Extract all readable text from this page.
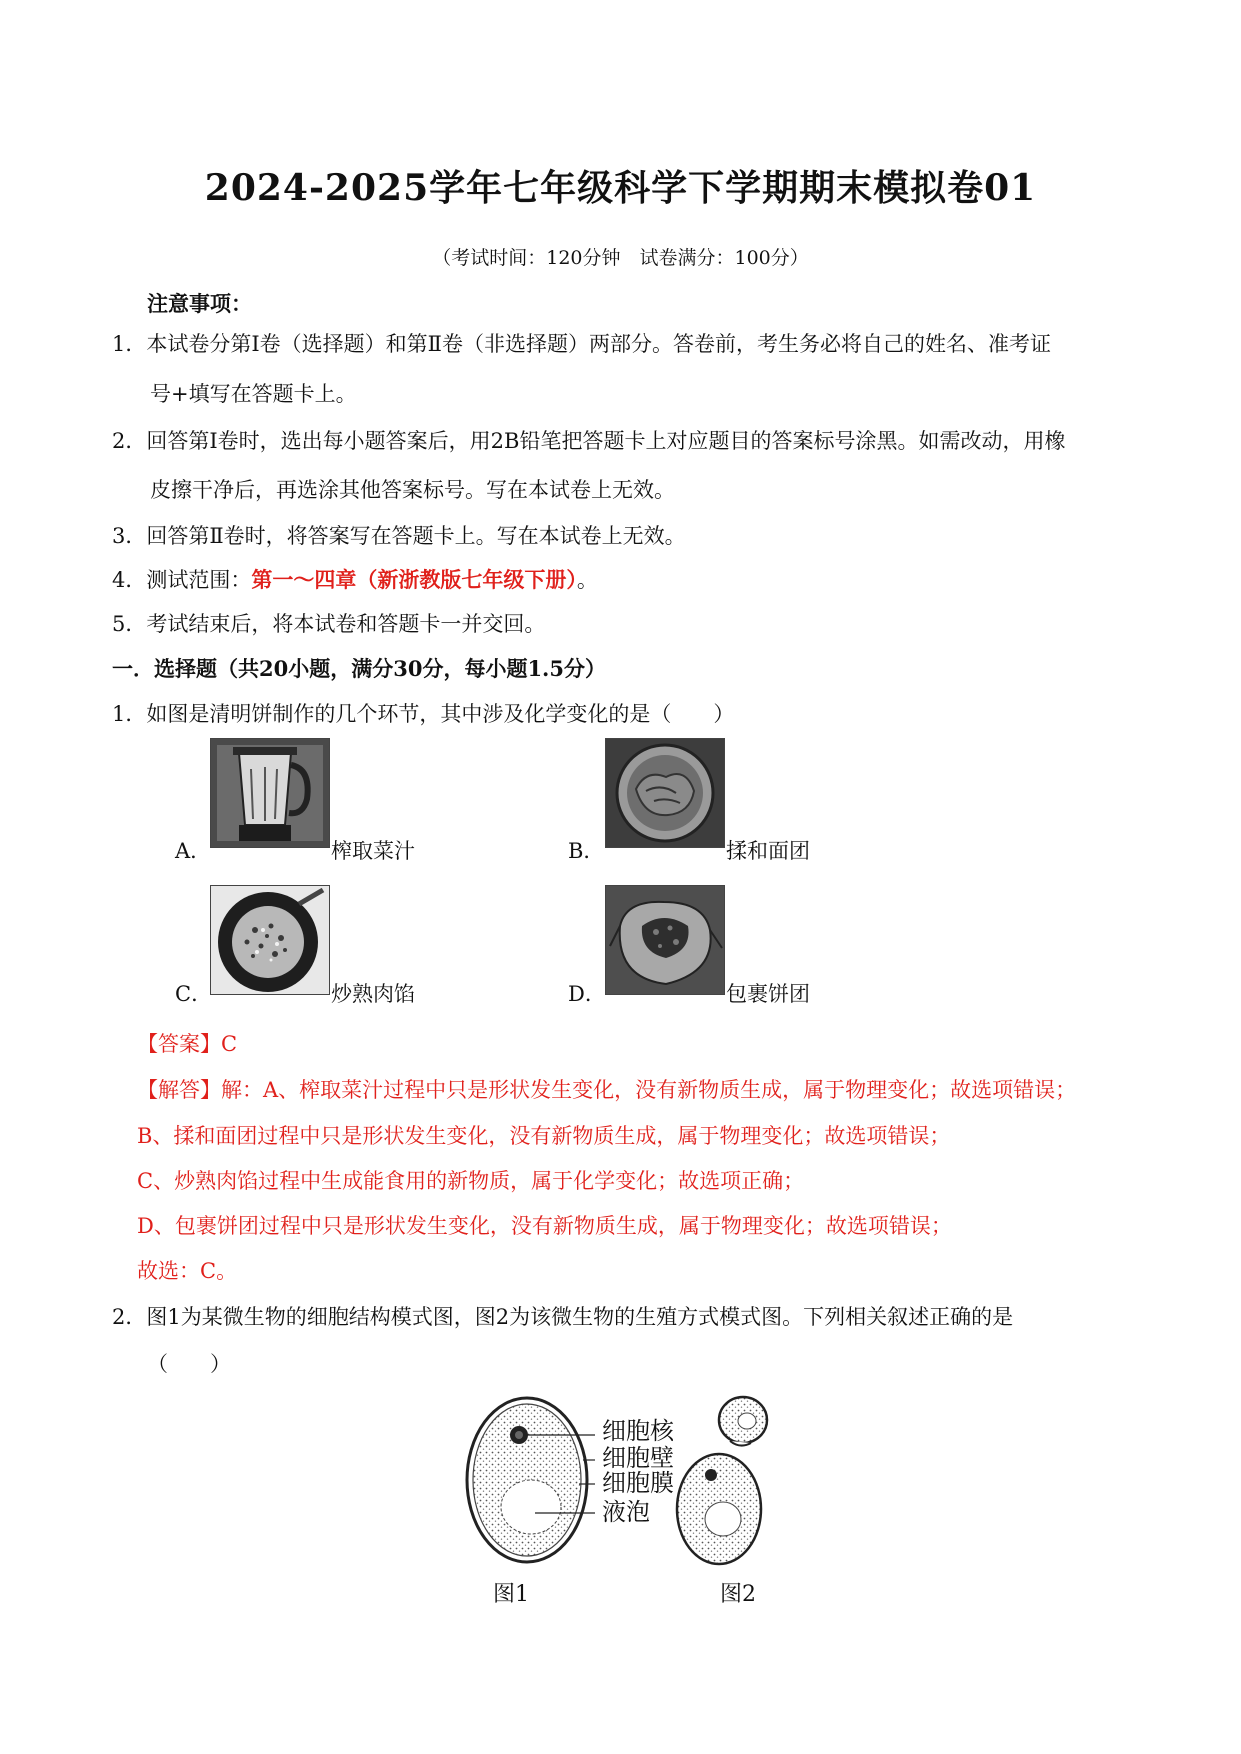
2024-2025学年七年级科学下学期期末模拟卷01
（考试时间：120分钟　试卷满分：100分）
注意事项：
1．本试卷分第Ⅰ卷（选择题）和第Ⅱ卷（非选择题）两部分。答卷前，考生务必将自己的姓名、准考证
号+填写在答题卡上。
2．回答第Ⅰ卷时，选出每小题答案后，用2B铅笔把答题卡上对应题目的答案标号涂黑。如需改动，用橡
皮擦干净后，再选涂其他答案标号。写在本试卷上无效。
3．回答第Ⅱ卷时，将答案写在答题卡上。写在本试卷上无效。
4．测试范围：第一～四章（新浙教版七年级下册）。
5．考试结束后，将本试卷和答题卡一并交回。
一．选择题（共20小题，满分30分，每小题1.5分）
1．如图是清明饼制作的几个环节，其中涉及化学变化的是（　　）
A．	榨取菜汁	B．	揉和面团
C．	炒熟肉馅	D．	包裹饼团
【答案】C
【解答】解：A、榨取菜汁过程中只是形状发生变化，没有新物质生成，属于物理变化；故选项错误；
B、揉和面团过程中只是形状发生变化，没有新物质生成，属于物理变化；故选项错误；
C、炒熟肉馅过程中生成能食用的新物质，属于化学变化；故选项正确；
D、包裹饼团过程中只是形状发生变化，没有新物质生成，属于物理变化；故选项错误；
故选：C。
2．图1为某微生物的细胞结构模式图，图2为该微生物的生殖方式模式图。下列相关叙述正确的是
（　　）
细胞核
细胞壁
细胞膜
液泡
图1	图2
